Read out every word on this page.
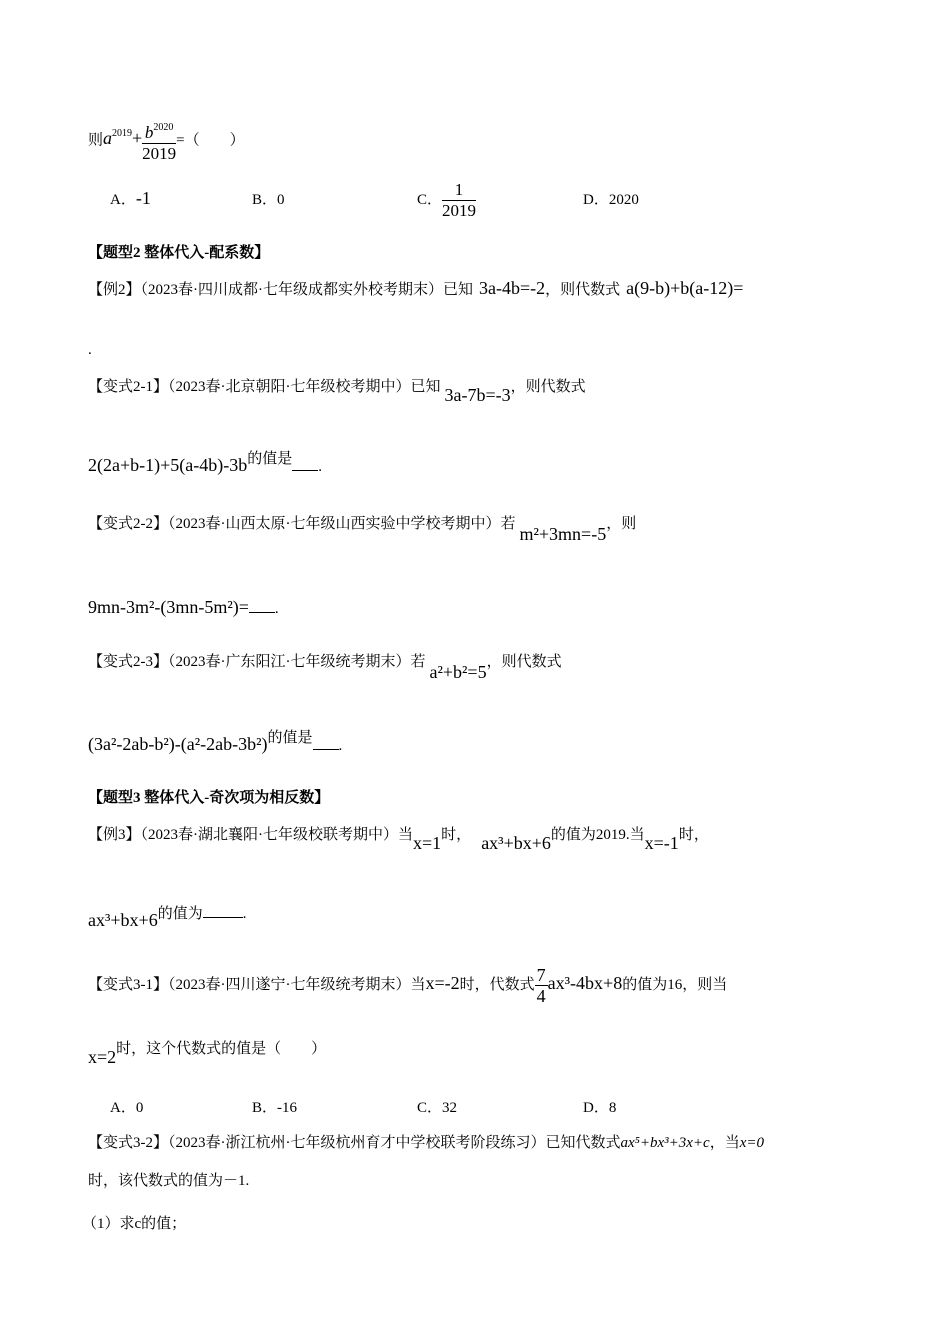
则$a^{2019}+ \frac{b^{2020}}{2019}$ =（　　）
A．-1	B．0	C． $\frac{1}{2019}$	D．2020
【题型2 整体代入-配系数】
【例2】（2023春·四川成都·七年级成都实外校考期末）已知 3a-4b=-2，则代数式 a(9-b)+b(a-12)=
.
【变式2-1】（2023春·北京朝阳·七年级校考期中）已知 3a-7b=-3，则代数式
2(2a+b-1)+5(a-4b)-3b的值是 .
【变式2-2】（2023春·山西太原·七年级山西实验中学校考期中）若 m²+3mn=-5，则
9mn-3m²-(3mn-5m²)= .
【变式2-3】（2023春·广东阳江·七年级统考期末）若 a²+b²=5，则代数式
(3a²-2ab-b²)-(a²-2ab-3b²)的值是 .
【题型3 整体代入-奇次项为相反数】
【例3】（2023春·湖北襄阳·七年级校联考期中）当x=1时， ax³+bx+6的值为2019.当x=-1时，
ax³+bx+6的值为	.
【变式3-1】（2023春·四川遂宁·七年级统考期末）当x=-2时，代数式 $\frac{7}{4} ax^3-4bx+8$的值为16，则当
x=2时，这个代数式的值是（　　）
A．0	B．-16	C．32	D．8
【变式3-2】（2023春·浙江杭州·七年级杭州育才中学校联考阶段练习）已知代数式ax⁵+bx³+3x+c，当x=0
时，该代数式的值为－1.
（1）求c的值；
